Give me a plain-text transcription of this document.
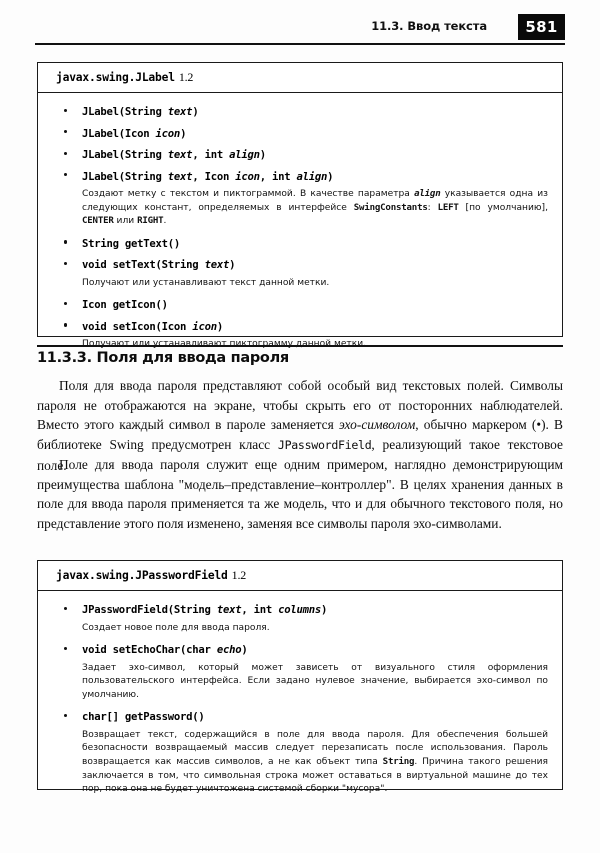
11.3. Ввод текста	581
javax.swing.JLabel 1.2
JLabel(String text)
JLabel(Icon icon)
JLabel(String text, int align)
JLabel(String text, Icon icon, int align)
Создают метку с текстом и пиктограммой. В качестве параметра align указывается одна из следующих констант, определяемых в интерфейсе SwingConstants: LEFT [по умолчанию], CENTER или RIGHT.
String getText()
void setText(String text)
Получают или устанавливают текст данной метки.
Icon getIcon()
void setIcon(Icon icon)
11.3.3. Поля для ввода пароля
Поля для ввода пароля представляют собой особый вид текстовых полей. Символы пароля не отображаются на экране, чтобы скрыть его от посторонних наблюдателей. Вместо этого каждый символ в пароле заменяется эхо-символом, обычно маркером (•). В библиотеке Swing предусмотрен класс JPasswordField, реализующий такое текстовое поле.
Поле для ввода пароля служит еще одним примером, наглядно демонстрирующим преимущества шаблона "модель–представление–контроллер". В целях хранения данных в поле для ввода пароля применяется та же модель, что и для обычного текстового поля, но представление этого поля изменено, заменяя все символы пароля эхо-символами.
javax.swing.JPasswordField 1.2
JPasswordField(String text, int columns)
Создает новое поле для ввода пароля.
void setEchoChar(char echo)
Задает эхо-символ, который может зависеть от визуального стиля оформления пользовательского интерфейса. Если задано нулевое значение, выбирается эхо-символ по умолчанию.
char[] getPassword()
Возвращает текст, содержащийся в поле для ввода пароля. Для обеспечения большей безопасности возвращаемый массив следует перезаписать после использования. Пароль возвращается как массив символов, а не как объект типа String. Причина такого решения заключается в том, что символьная строка может оставаться в виртуальной машине до тех пор, пока она не будет уничтожена системой сборки "мусора".
